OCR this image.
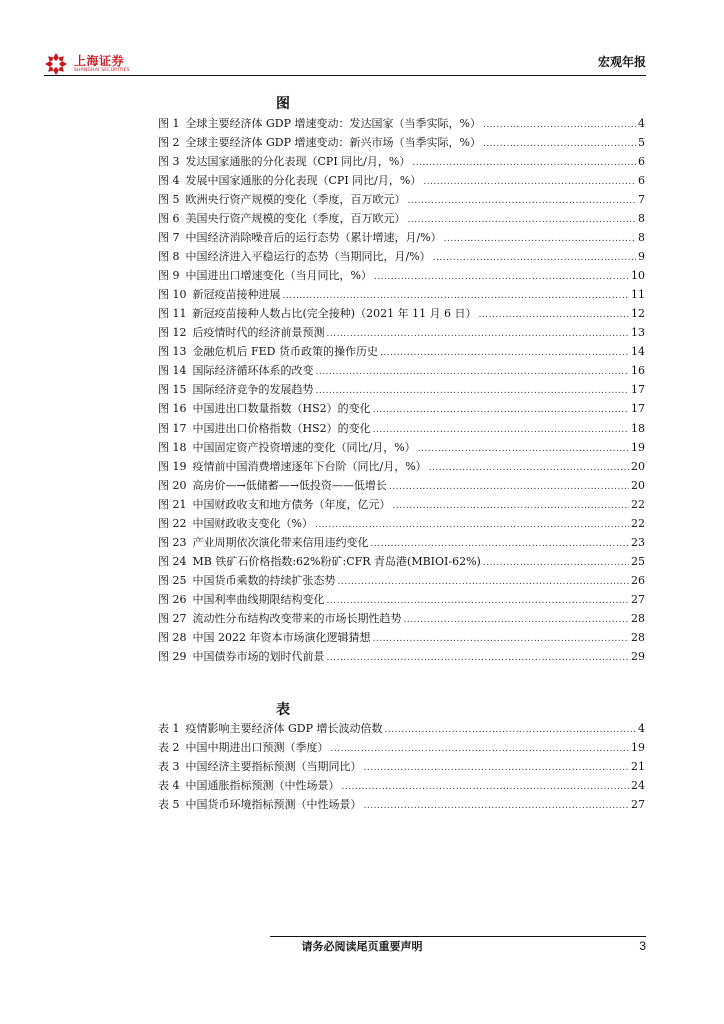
上海证券
SHANGHAI SECURITIES
宏观年报
图
图 1 全球主要经济体 GDP 增速变动：发达国家（当季实际，%） .....	4
图 2 全球主要经济体 GDP 增速变动：新兴市场（当季实际，%） .....	5
图 3 发达国家通胀的分化表现（CPI 同比/月，%） .....	6
图 4 发展中国家通胀的分化表现（CPI 同比/月，%） .....	6
图 5 欧洲央行资产规模的变化（季度，百万欧元） .....	7
图 6 美国央行资产规模的变化（季度，百万欧元） .....	8
图 7 中国经济消除噪音后的运行态势（累计增速，月/%） .....	8
图 8 中国经济进入平稳运行的态势（当期同比，月/%） .....	9
图 9 中国进出口增速变化（当月同比，%） .....	10
图 10 新冠疫苗接种进展 .....	11
图 11 新冠疫苗接种人数占比(完全接种)（2021 年 11 月 6 日） .....	12
图 12 后疫情时代的经济前景预测 .....	13
图 13 金融危机后 FED 货币政策的操作历史 .....	14
图 14 国际经济循环体系的改变 .....	16
图 15 国际经济竞争的发展趋势 .....	17
图 16 中国进出口数量指数（HS2）的变化 .....	17
图 17 中国进出口价格指数（HS2）的变化 .....	18
图 18 中国固定资产投资增速的变化（同比/月，%） .....	19
图 19 疫情前中国消费增速逐年下台阶（同比/月，%） .....	20
图 20 高房价—→低储蓄—→低投资——低增长 .....	20
图 21 中国财政收支和地方债务（年度，亿元） .....	22
图 22 中国财政收支变化（%） .....	22
图 23 产业周期依次演化带来信用违约变化 .....	23
图 24 MB 铁矿石价格指数:62%粉矿:CFR 青岛港(MBIOI-62%) .....	25
图 25 中国货币乘数的持续扩张态势 .....	26
图 26 中国利率曲线期限结构变化 .....	27
图 27 流动性分布结构改变带来的市场长期性趋势 .....	28
图 28 中国 2022 年资本市场演化逻辑猜想 .....	28
图 29 中国债券市场的划时代前景 .....	29
表
表 1 疫情影响主要经济体 GDP 增长波动倍数 .....	4
表 2 中国中期进出口预测（季度） .....	19
表 3 中国经济主要指标预测（当期同比） .....	21
表 4 中国通胀指标预测（中性场景） .....	24
表 5 中国货币环境指标预测（中性场景） .....	27
请务必阅读尾页重要声明	3
